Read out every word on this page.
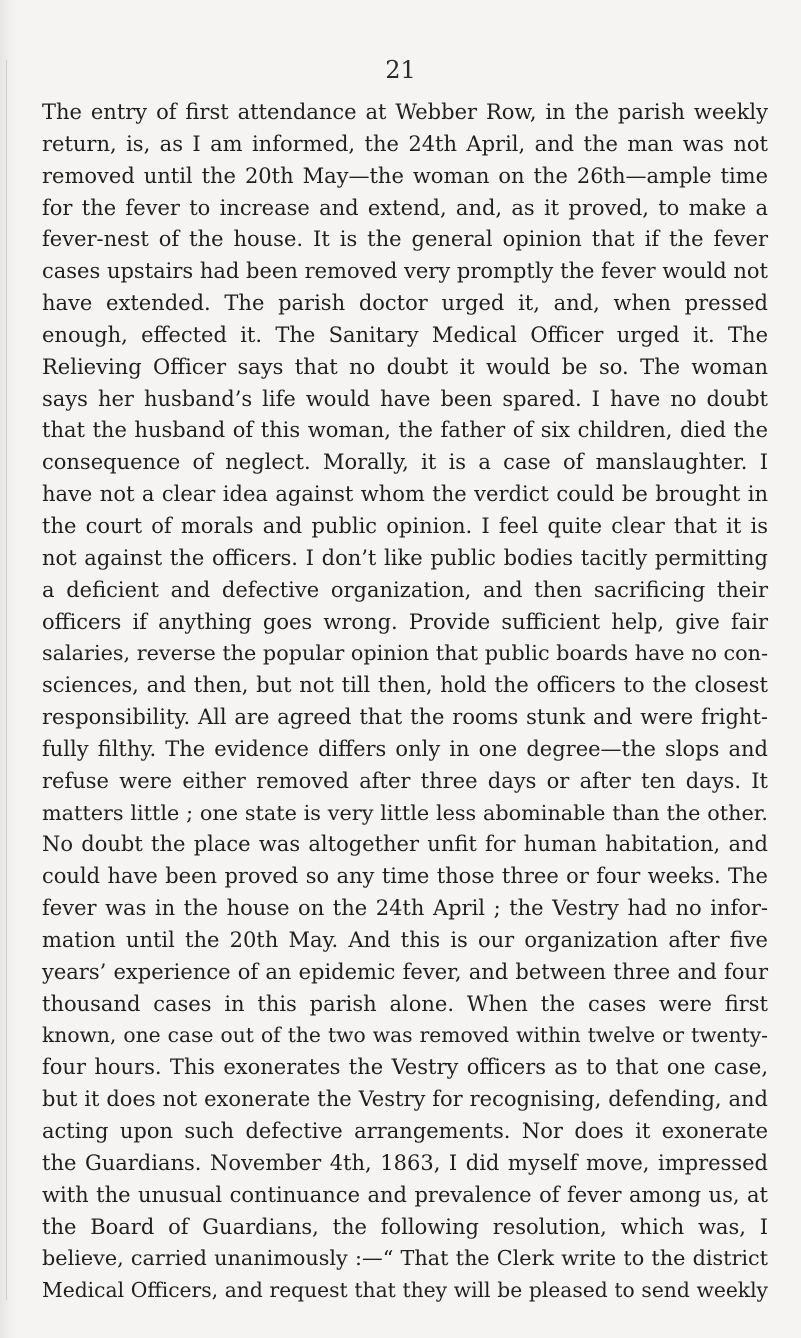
21
The entry of first attendance at Webber Row, in the parish weekly
return, is, as I am informed, the 24th April, and the man was not
removed until the 20th May—the woman on the 26th—ample time
for the fever to increase and extend, and, as it proved, to make a
fever-nest of the house. It is the general opinion that if the fever
cases upstairs had been removed very promptly the fever would not
have extended. The parish doctor urged it, and, when pressed
enough, effected it. The Sanitary Medical Officer urged it. The
Relieving Officer says that no doubt it would be so. The woman
says her husband’s life would have been spared. I have no doubt
that the husband of this woman, the father of six children, died the
consequence of neglect. Morally, it is a case of manslaughter. I
have not a clear idea against whom the verdict could be brought in
the court of morals and public opinion. I feel quite clear that it is
not against the officers. I don’t like public bodies tacitly permitting
a deficient and defective organization, and then sacrificing their
officers if anything goes wrong. Provide sufficient help, give fair
salaries, reverse the popular opinion that public boards have no con-
sciences, and then, but not till then, hold the officers to the closest
responsibility. All are agreed that the rooms stunk and were fright-
fully filthy. The evidence differs only in one degree—the slops and
refuse were either removed after three days or after ten days. It
matters little ; one state is very little less abominable than the other.
No doubt the place was altogether unfit for human habitation, and
could have been proved so any time those three or four weeks. The
fever was in the house on the 24th April ; the Vestry had no infor-
mation until the 20th May. And this is our organization after five
years’ experience of an epidemic fever, and between three and four
thousand cases in this parish alone. When the cases were first
known, one case out of the two was removed within twelve or twenty-
four hours. This exonerates the Vestry officers as to that one case,
but it does not exonerate the Vestry for recognising, defending, and
acting upon such defective arrangements. Nor does it exonerate
the Guardians. November 4th, 1863, I did myself move, impressed
with the unusual continuance and prevalence of fever among us, at
the Board of Guardians, the following resolution, which was, I
believe, carried unanimously :—“ That the Clerk write to the district
Medical Officers, and request that they will be pleased to send weekly
